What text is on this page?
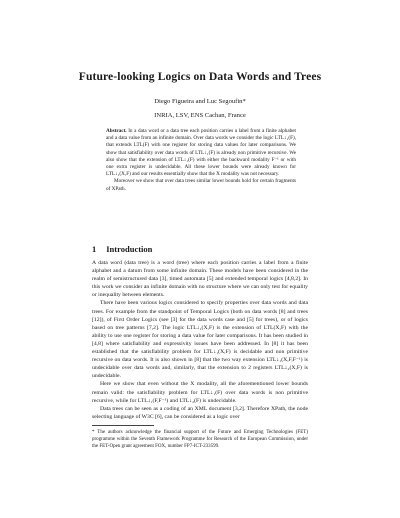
Future-looking Logics on Data Words and Trees
Diego Figueira and Luc Segoufin*
INRIA, LSV, ENS Cachan, France

Abstract. In a data word or a data tree each position carries a label from a finite alphabet and a data value from an infinite domain. Over data words we consider the logic LTL↓₁(F), that extends LTL(F) with one register for storing data values for later comparisons. We show that satisfiability over data words of LTL↓₁(F) is already non primitive recursive. We also show that the extension of LTL↓₁(F) with either the backward modality F⁻¹ or with one extra register is undecidable. All these lower bounds were already known for LTL↓₁(X,F) and our results essentially show that the X modality was not necessary.

Moreover we show that over data trees similar lower bounds hold for certain fragments of XPath.

1 Introduction

A data word (data tree) is a word (tree) where each position carries a label from a finite alphabet and a datum from some infinite domain. These models have been considered in the realm of semistructured data [3], timed automata [5] and extended temporal logics [4,8,2]. In this work we consider an infinite domain with no structure where we can only test for equality or inequality between elements.

There have been various logics considered to specify properties over data words and data trees. For example from the standpoint of Temporal Logics (both on data words [8] and trees [12]), of First Order Logics (see [3] for the data words case and [5] for trees), or of logics based on tree patterns [7,2]. The logic LTL↓₁(X,F) is the extension of LTL(X,F) with the ability to use one register for storing a data value for later comparisons. It has been studied in [4,8] where satisfiability and expressivity issues have been addressed. In [8] it has been established that the satisfiability problem for LTL↓₁(X,F) is decidable and non primitive recursive on data words. It is also shown in [8] that the two way extension LTL↓₁(X,F,F⁻¹) is undecidable over data words and, similarly, that the extension to 2 registers LTL↓₂(X,F) is undecidable.

Here we show that even without the X modality, all the aforementioned lower bounds remain valid: the satisfiability problem for LTL↓₁(F) over data words is non primitive recursive, while for LTL↓₁(F,F⁻¹) and LTL↓₂(F) is undecidable.

Data trees can be seen as a coding of an XML document [3,2]. Therefore XPath, the node selecting language of W3C [6], can be considered as a logic over

* The authors acknowledge the financial support of the Future and Emerging Technologies (FET) programme within the Seventh Framework Programme for Research of the European Commission, under the FET-Open grant agreement FOX, number FP7-ICT-233599.
